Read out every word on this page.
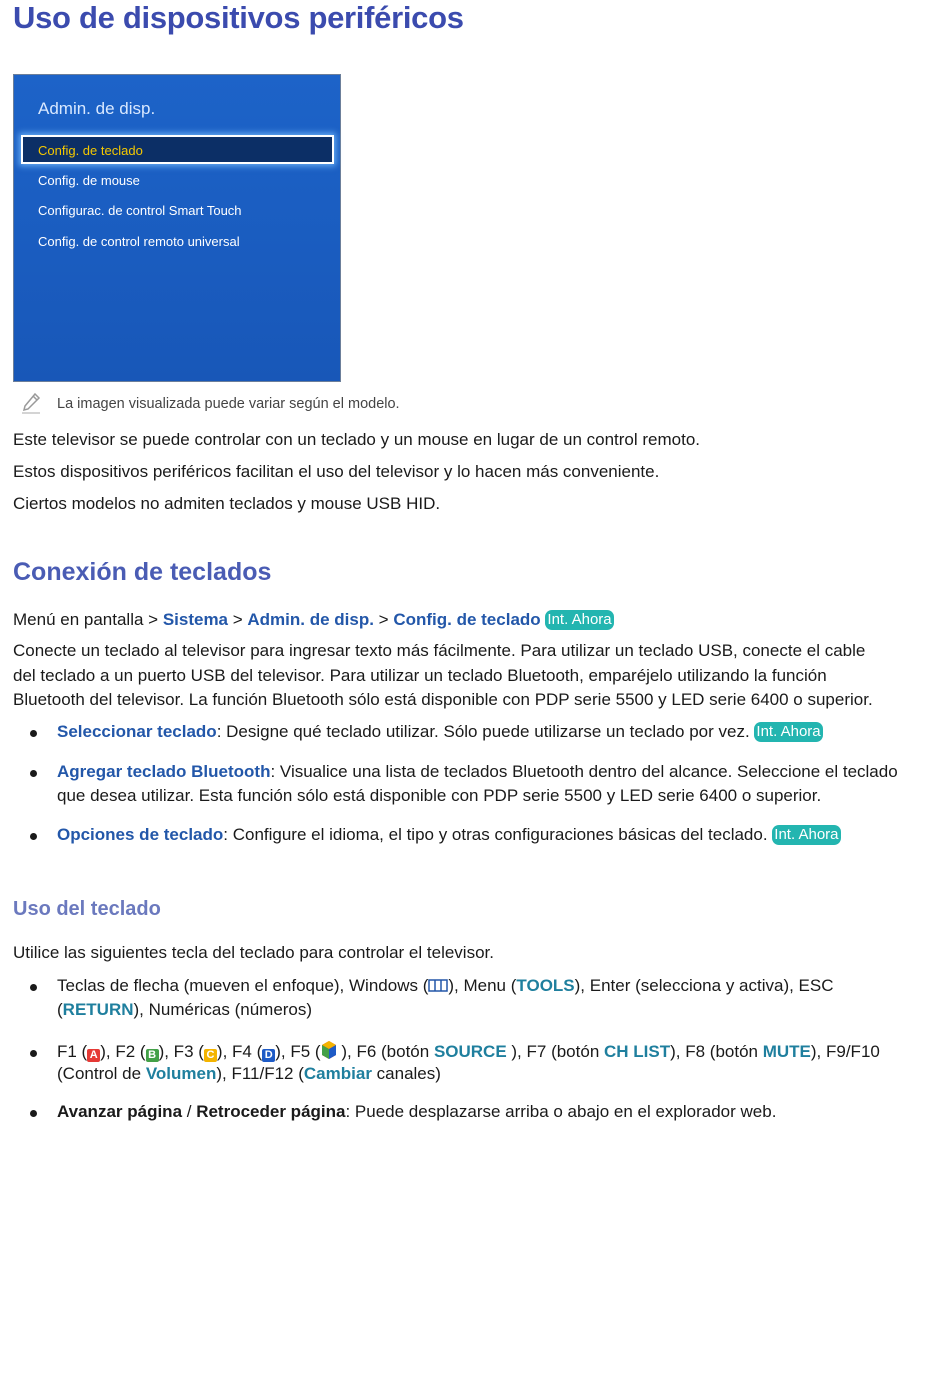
Uso de dispositivos periféricos
Admin. de disp.
Config. de teclado
Config. de mouse
Configurac. de control Smart Touch
Config. de control remoto universal
La imagen visualizada puede variar según el modelo.

Este televisor se puede controlar con un teclado y un mouse en lugar de un control remoto.

Estos dispositivos periféricos facilitan el uso del televisor y lo hacen más conveniente.

Ciertos modelos no admiten teclados y mouse USB HID.

Conexión de teclados

Menú en pantalla > Sistema > Admin. de disp. > Config. de teclado Int. Ahora

Conecte un teclado al televisor para ingresar texto más fácilmente. Para utilizar un teclado USB, conecte el cable

del teclado a un puerto USB del televisor. Para utilizar un teclado Bluetooth, emparéjelo utilizando la función

Bluetooth del televisor. La función Bluetooth sólo está disponible con PDP serie 5500 y LED serie 6400 o superior.

Seleccionar teclado: Designe qué teclado utilizar. Sólo puede utilizarse un teclado por vez. Int. Ahora
Agregar teclado Bluetooth: Visualice una lista de teclados Bluetooth dentro del alcance. Seleccione el teclado
que desea utilizar. Esta función sólo está disponible con PDP serie 5500 y LED serie 6400 o superior.
Opciones de teclado: Configure el idioma, el tipo y otras configuraciones básicas del teclado. Int. Ahora
Uso del teclado

Utilice las siguientes tecla del teclado para controlar el televisor.

Teclas de flecha (mueven el enfoque), Windows ( ), Menu (TOOLS), Enter (selecciona y activa), ESC
(RETURN), Numéricas (números)
F1 ( A ), F2 ( B ), F3 ( C ), F4 ( D ), F5 ( ), F6 (botón SOURCE ), F7 (botón CH LIST), F8 (botón MUTE), F9/F10
(Control de Volumen), F11/F12 (Cambiar canales)
Avanzar página / Retroceder página: Puede desplazarse arriba o abajo en el explorador web.
